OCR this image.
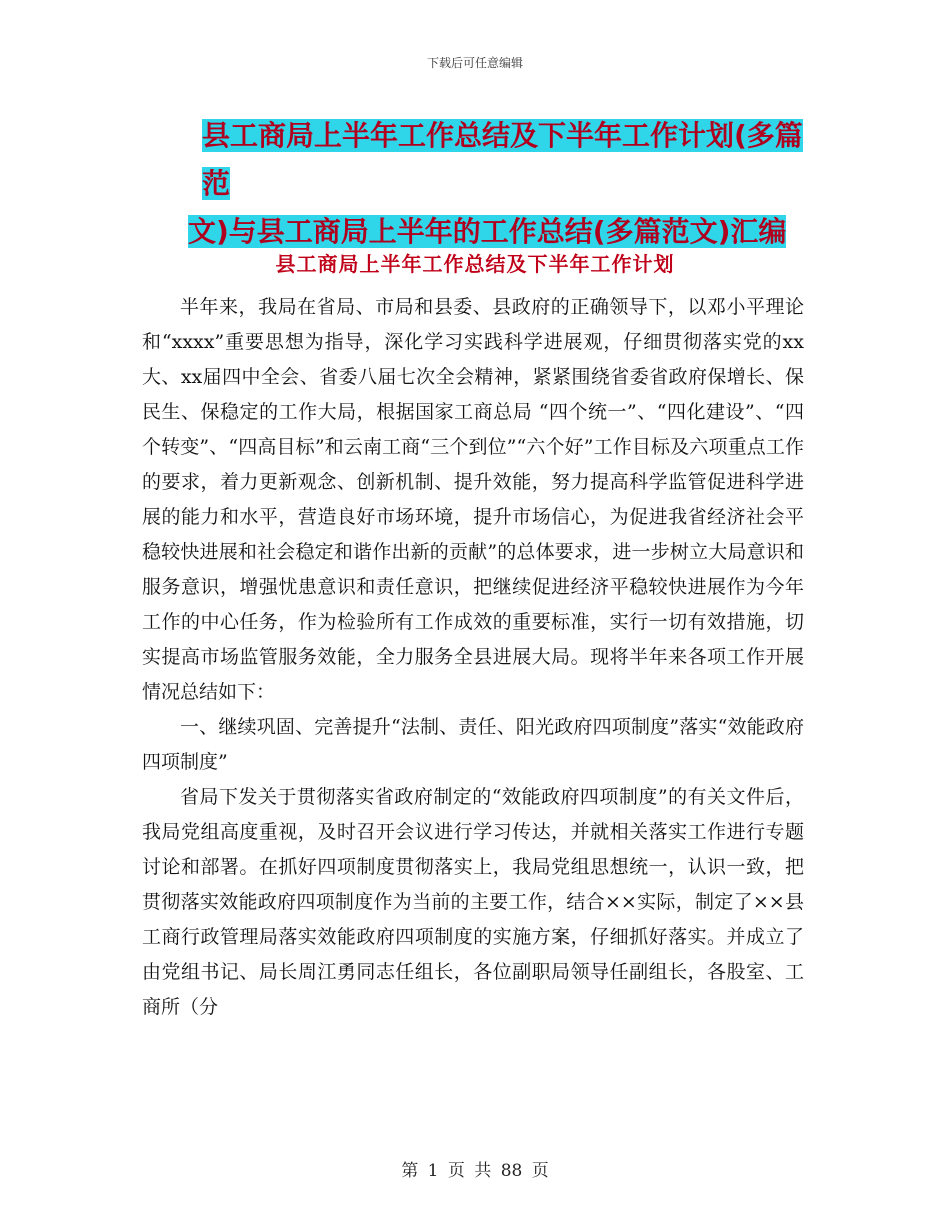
下载后可任意编辑
县工商局上半年工作总结及下半年工作计划(多篇范
文)与县工商局上半年的工作总结(多篇范文)汇编
县工商局上半年工作总结及下半年工作计划

半年来，我局在省局、市局和县委、县政府的正确领导下，以邓小平理论和“xxxx”重要思想为指导，深化学习实践科学进展观，仔细贯彻落实党的xx大、xx届四中全会、省委八届七次全会精神，紧紧围绕省委省政府保增长、保民生、保稳定的工作大局，根据国家工商总局 “四个统一”、“四化建设”、“四个转变”、“四高目标”和云南工商“三个到位”“六个好”工作目标及六项重点工作的要求，着力更新观念、创新机制、提升效能，努力提高科学监管促进科学进展的能力和水平，营造良好市场环境，提升市场信心，为促进我省经济社会平稳较快进展和社会稳定和谐作出新的贡献”的总体要求，进一步树立大局意识和服务意识，增强忧患意识和责任意识，把继续促进经济平稳较快进展作为今年工作的中心任务，作为检验所有工作成效的重要标准，实行一切有效措施，切实提高市场监管服务效能，全力服务全县进展大局。现将半年来各项工作开展情况总结如下：

一、继续巩固、完善提升“法制、责任、阳光政府四项制度”落实“效能政府四项制度”

省局下发关于贯彻落实省政府制定的“效能政府四项制度”的有关文件后，我局党组高度重视，及时召开会议进行学习传达，并就相关落实工作进行专题讨论和部署。在抓好四项制度贯彻落实上，我局党组思想统一，认识一致，把贯彻落实效能政府四项制度作为当前的主要工作，结合××实际，制定了××县工商行政管理局落实效能政府四项制度的实施方案，仔细抓好落实。并成立了由党组书记、局长周江勇同志任组长，各位副职局领导任副组长，各股室、工商所（分

第 1 页 共 88 页
